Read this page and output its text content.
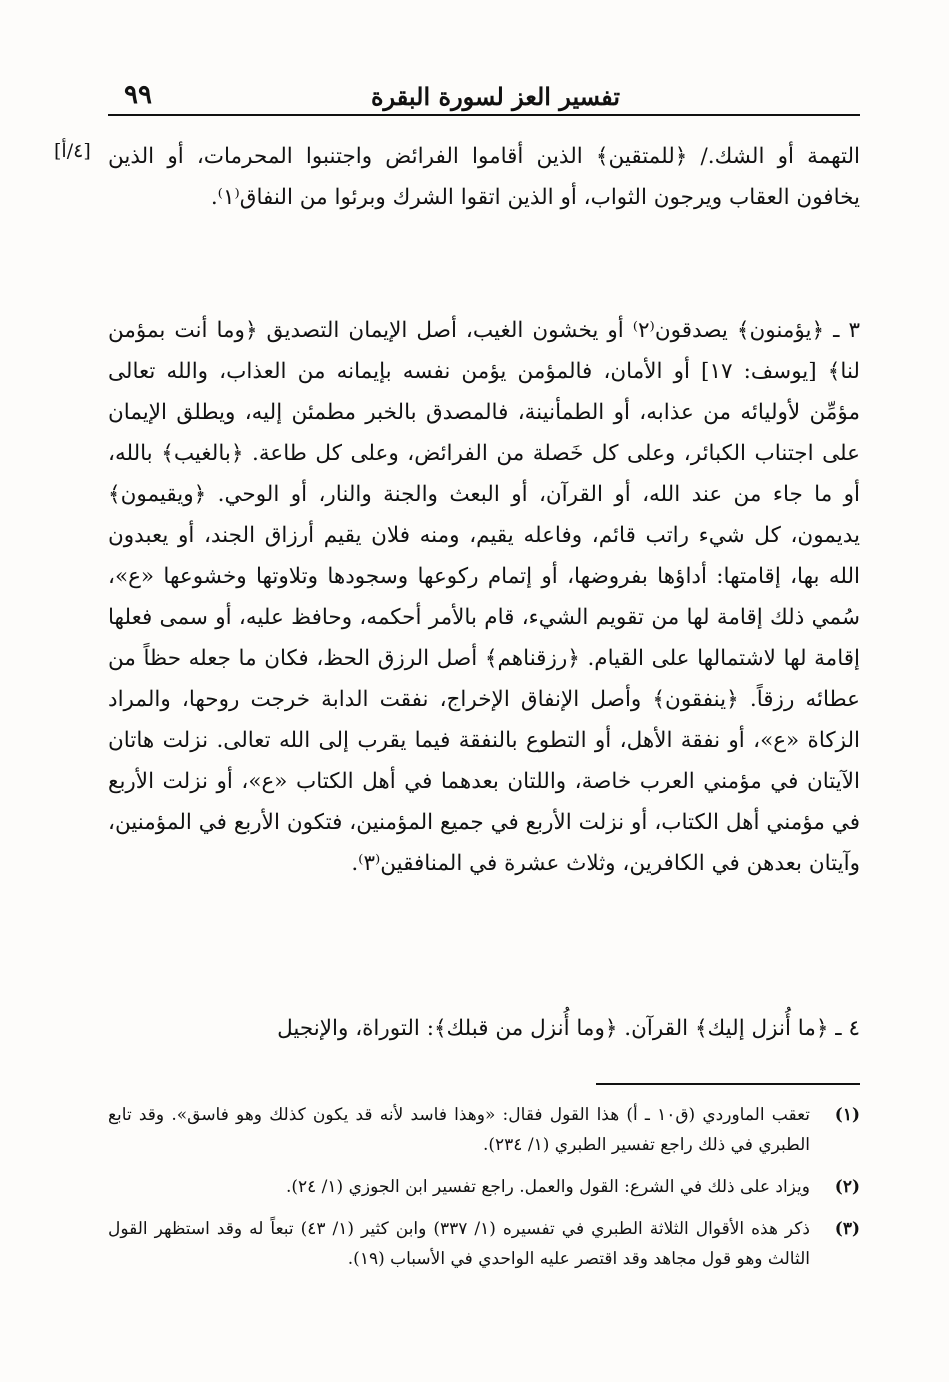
تفسير العز لسورة البقرة
٩٩
[٤/أ] التهمة أو الشك./ ﴿للمتقين﴾ الذين أقاموا الفرائض واجتنبوا المحرمات، أو الذين يخافون العقاب ويرجون الثواب، أو الذين اتقوا الشرك وبرئوا من النفاق⁽١⁾.

٣ ـ ﴿يؤمنون﴾ يصدقون⁽٢⁾ أو يخشون الغيب، أصل الإيمان التصديق ﴿وما أنت بمؤمن لنا﴾ [يوسف: ١٧] أو الأمان، فالمؤمن يؤمن نفسه بإيمانه من العذاب، والله تعالى مؤمِّن لأوليائه من عذابه، أو الطمأنينة، فالمصدق بالخبر مطمئن إليه، ويطلق الإيمان على اجتناب الكبائر، وعلى كل خَصلة من الفرائض، وعلى كل طاعة. ﴿بالغيب﴾ بالله، أو ما جاء من عند الله، أو القرآن، أو البعث والجنة والنار، أو الوحي. ﴿ويقيمون﴾ يديمون، كل شيء راتب قائم، وفاعله يقيم، ومنه فلان يقيم أرزاق الجند، أو يعبدون الله بها، إقامتها: أداؤها بفروضها، أو إتمام ركوعها وسجودها وتلاوتها وخشوعها «ع»، سُمي ذلك إقامة لها من تقويم الشيء، قام بالأمر أحكمه، وحافظ عليه، أو سمى فعلها إقامة لها لاشتمالها على القيام. ﴿رزقناهم﴾ أصل الرزق الحظ، فكان ما جعله حظاً من عطائه رزقاً. ﴿ينفقون﴾ وأصل الإنفاق الإخراج، نفقت الدابة خرجت روحها، والمراد الزكاة «ع»، أو نفقة الأهل، أو التطوع بالنفقة فيما يقرب إلى الله تعالى. نزلت هاتان الآيتان في مؤمني العرب خاصة، واللتان بعدهما في أهل الكتاب «ع»، أو نزلت الأربع في مؤمني أهل الكتاب، أو نزلت الأربع في جميع المؤمنين، فتكون الأربع في المؤمنين، وآيتان بعدهن في الكافرين، وثلاث عشرة في المنافقين⁽٣⁾.

٤ ـ ﴿ما أُنزل إليك﴾ القرآن. ﴿وما أُنزل من قبلك﴾: التوراة، والإنجيل

(١)
تعقب الماوردي (ق١٠ ـ أ) هذا القول فقال: «وهذا فاسد لأنه قد يكون كذلك وهو فاسق». وقد تابع الطبري في ذلك راجع تفسير الطبري (١/ ٢٣٤).
(٢)
ويزاد على ذلك في الشرع: القول والعمل. راجع تفسير ابن الجوزي (١/ ٢٤).
(٣)
ذكر هذه الأقوال الثلاثة الطبري في تفسيره (١/ ٣٣٧) وابن كثير (١/ ٤٣) تبعاً له وقد استظهر القول الثالث وهو قول مجاهد وقد اقتصر عليه الواحدي في الأسباب (١٩).
